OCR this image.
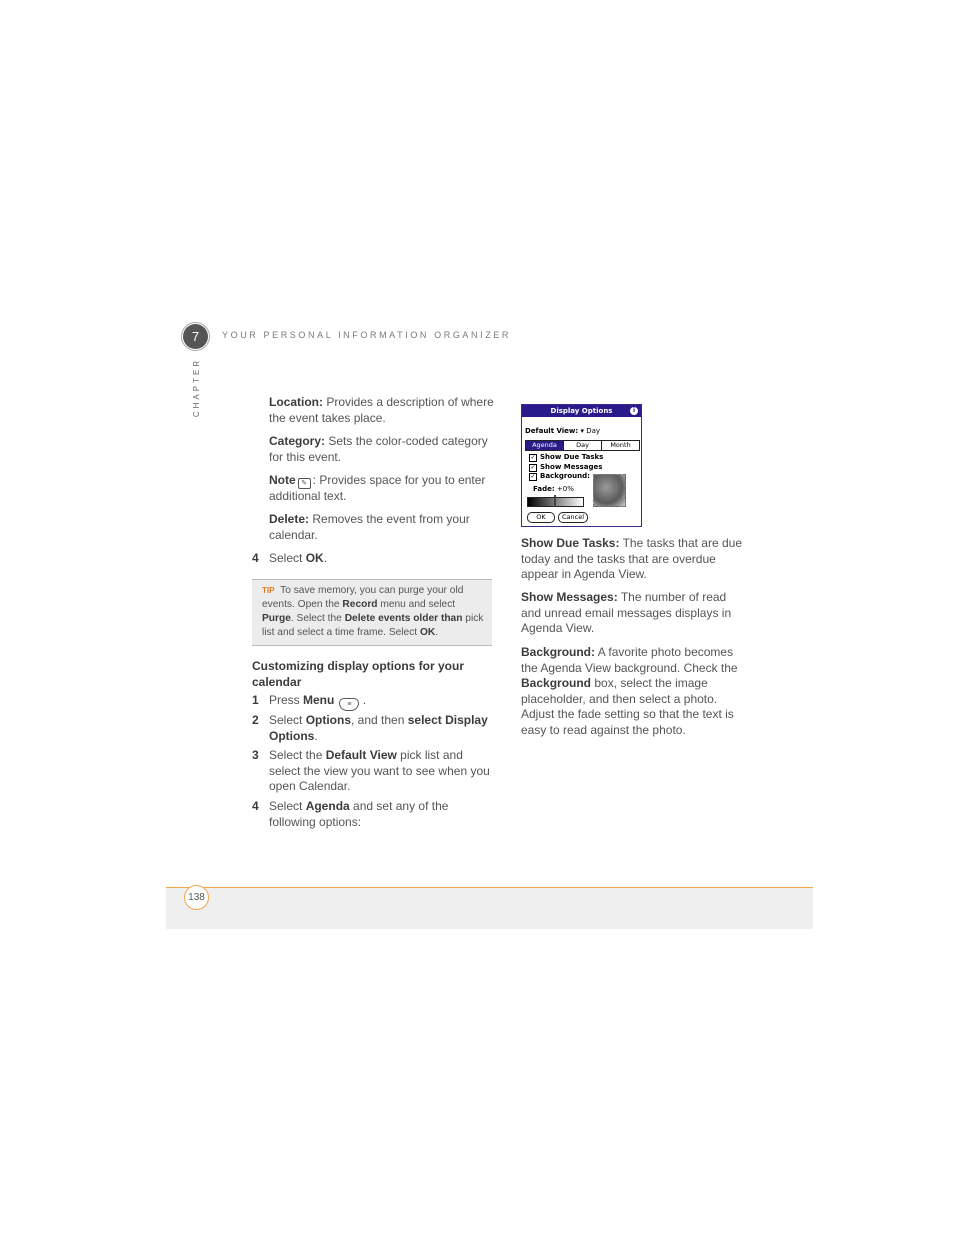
7	YOUR PERSONAL INFORMATION ORGANIZER
CHAPTER	Location: Provides a description of where the event takes place.
Category: Sets the color-coded category for this event.
Note ✎ : Provides space for you to enter additional text.
Delete: Removes the event from your calendar.
4 Select OK.
TIP To save memory, you can purge your old events. Open the Record menu and select Purge. Select the Delete events older than pick list and select a time frame. Select OK.
Customizing display options for your calendar
1 Press Menu ≡ .
2 Select Options, and then select Display Options.
3 Select the Default View pick list and select the view you want to see when you open Calendar.
4 Select Agenda and set any of the following options:
Display Options	i
Default View: ▾ Day
Agenda	Day	Month
✓ Show Due Tasks
✓ Show Messages
✓ Background:
Fade: +0%
OK	Cancel
Show Due Tasks: The tasks that are due today and the tasks that are overdue appear in Agenda View.
Show Messages: The number of read and unread email messages displays in Agenda View.
Background: A favorite photo becomes the Agenda View background. Check the Background box, select the image placeholder, and then select a photo. Adjust the fade setting so that the text is easy to read against the photo.
138
